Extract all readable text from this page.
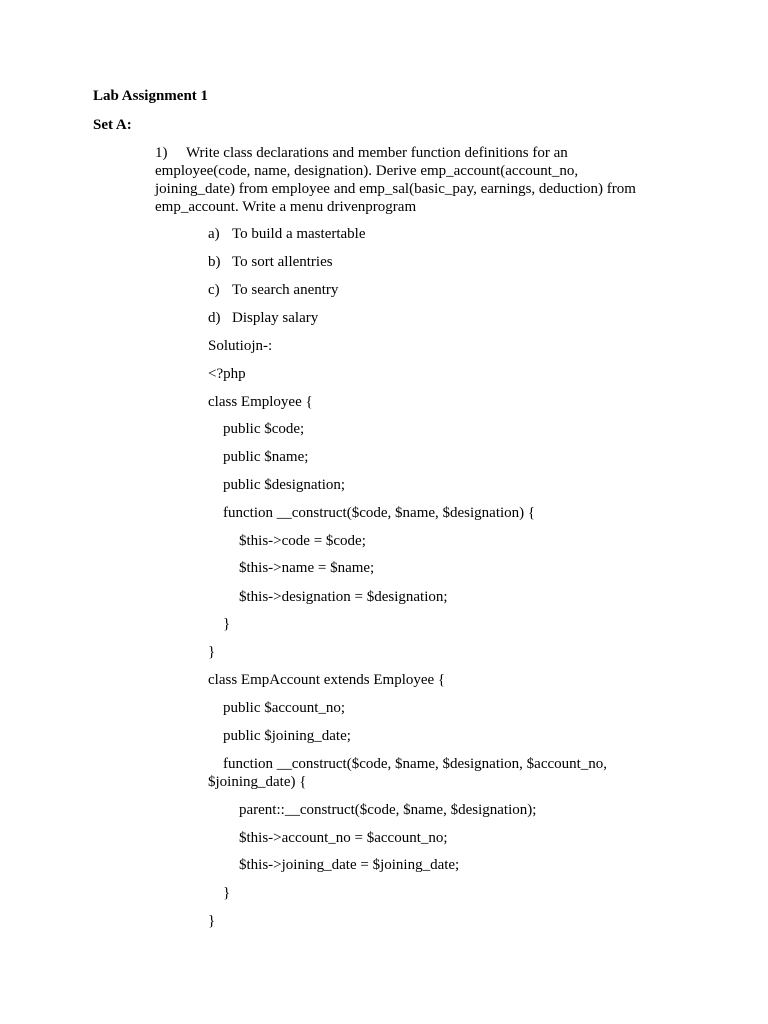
Lab Assignment 1
Set A:
1) Write class declarations and member function definitions for an
employee(code, name, designation). Derive emp_account(account_no,
joining_date) from employee and emp_sal(basic_pay, earnings, deduction) from
emp_account. Write a menu drivenprogram
a) To build a mastertable
b) To sort allentries
c) To search anentry
d) Display salary
Solutiojn-:
<?php
class Employee {
public $code;
public $name;
public $designation;
function __construct($code, $name, $designation) {
$this->code = $code;
$this->name = $name;
$this->designation = $designation;
}
}
class EmpAccount extends Employee {
public $account_no;
public $joining_date;
function __construct($code, $name, $designation, $account_no,
$joining_date) {
parent::__construct($code, $name, $designation);
$this->account_no = $account_no;
$this->joining_date = $joining_date;
}
}
